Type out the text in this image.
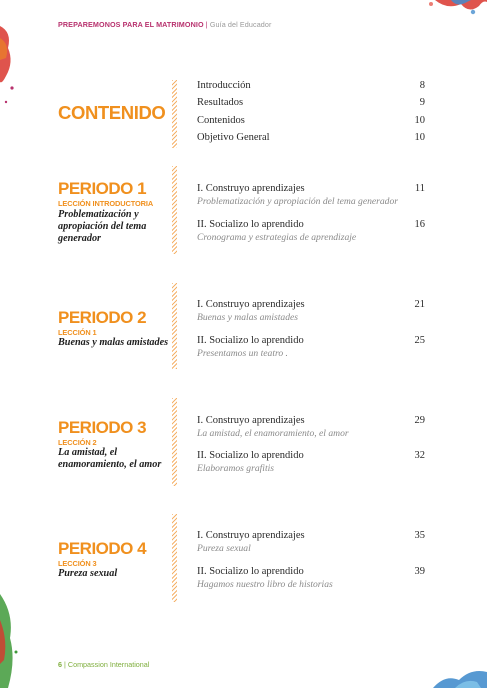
PREPAREMONOS PARA EL MATRIMONIO | Guía del Educador
CONTENIDO
Introducción	8
Resultados	9
Contenidos	10
Objetivo General	10
PERIODO 1
LECCIÓN INTRODUCTORIA
Problematización y apropiación del tema generador
I. Construyo aprendizajes	11
Problematización y apropiación del tema generador
II. Socializo lo aprendido	16
Cronograma y estrategias de aprendizaje
PERIODO 2
LECCIÓN 1
Buenas y malas amistades
I. Construyo aprendizajes	21
Buenas y malas amistades
II. Socializo lo aprendido	25
Presentamos un teatro .
PERIODO 3
LECCIÓN 2
La amistad, el enamoramiento, el amor
I. Construyo aprendizajes	29
La amistad, el enamoramiento, el amor
II. Socializo lo aprendido	32
Elaboramos grafitis
PERIODO 4
LECCIÓN 3
Pureza sexual
I. Construyo aprendizajes	35
Pureza sexual
II. Socializo lo aprendido	39
Hagamos nuestro libro de historias
6 | Compassion International
